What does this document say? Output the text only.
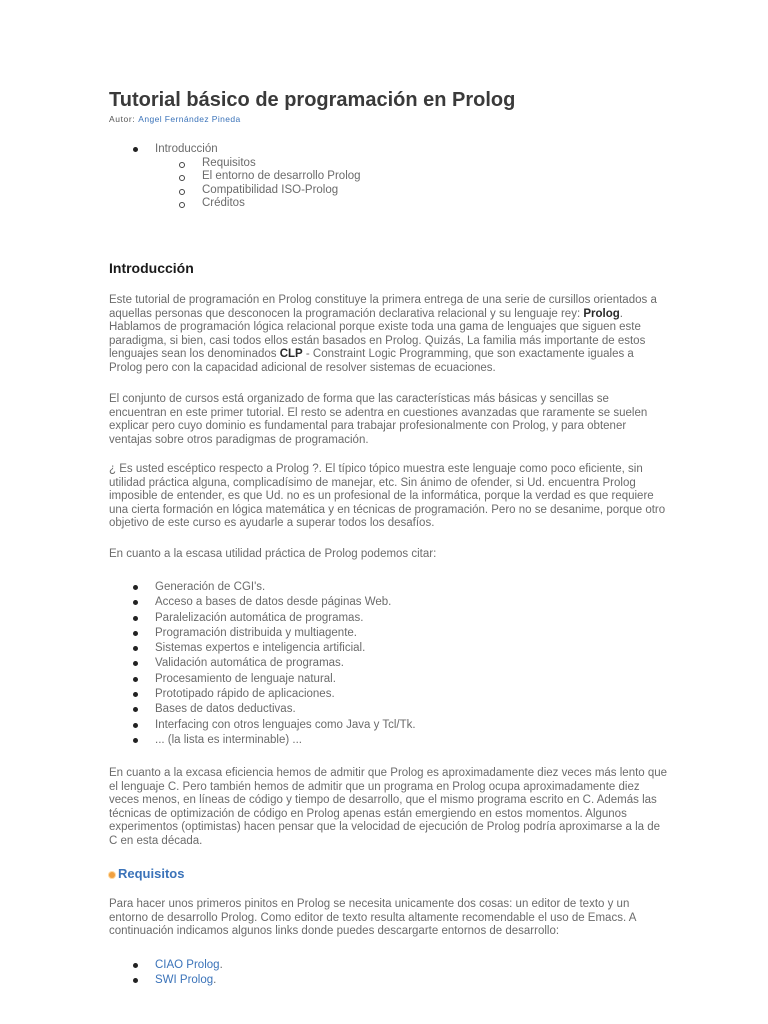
Tutorial básico de programación en Prolog
Autor: Angel Fernández Pineda
Introducción
Requisitos
El entorno de desarrollo Prolog
Compatibilidad ISO-Prolog
Créditos
Introducción

Este tutorial de programación en Prolog constituye la primera entrega de una serie de cursillos orientados a aquellas personas que desconocen la programación declarativa relacional y su lenguaje rey: Prolog. Hablamos de programación lógica relacional porque existe toda una gama de lenguajes que siguen este paradigma, si bien, casi todos ellos están basados en Prolog. Quizás, La familia más importante de estos lenguajes sean los denominados CLP - Constraint Logic Programming, que son exactamente iguales a Prolog pero con la capacidad adicional de resolver sistemas de ecuaciones.

El conjunto de cursos está organizado de forma que las características más básicas y sencillas se encuentran en este primer tutorial. El resto se adentra en cuestiones avanzadas que raramente se suelen explicar pero cuyo dominio es fundamental para trabajar profesionalmente con Prolog, y para obtener ventajas sobre otros paradigmas de programación.

¿ Es usted escéptico respecto a Prolog ?. El típico tópico muestra este lenguaje como poco eficiente, sin utilidad práctica alguna, complicadísimo de manejar, etc. Sin ánimo de ofender, si Ud. encuentra Prolog imposible de entender, es que Ud. no es un profesional de la informática, porque la verdad es que requiere una cierta formación en lógica matemática y en técnicas de programación. Pero no se desanime, porque otro objetivo de este curso es ayudarle a superar todos los desafíos.

En cuanto a la escasa utilidad práctica de Prolog podemos citar:

Generación de CGI's.
Acceso a bases de datos desde páginas Web.
Paralelización automática de programas.
Programación distribuida y multiagente.
Sistemas expertos e inteligencia artificial.
Validación automática de programas.
Procesamiento de lenguaje natural.
Prototipado rápido de aplicaciones.
Bases de datos deductivas.
Interfacing con otros lenguajes como Java y Tcl/Tk.
... (la lista es interminable) ...

En cuanto a la excasa eficiencia hemos de admitir que Prolog es aproximadamente diez veces más lento que el lenguaje C. Pero también hemos de admitir que un programa en Prolog ocupa aproximadamente diez veces menos, en líneas de código y tiempo de desarrollo, que el mismo programa escrito en C. Además las técnicas de optimización de código en Prolog apenas están emergiendo en estos momentos. Algunos experimentos (optimistas) hacen pensar que la velocidad de ejecución de Prolog podría aproximarse a la de C en esta década.

Requisitos

Para hacer unos primeros pinitos en Prolog se necesita unicamente dos cosas: un editor de texto y un entorno de desarrollo Prolog. Como editor de texto resulta altamente recomendable el uso de Emacs. A continuación indicamos algunos links donde puedes descargarte entornos de desarrollo:

CIAO Prolog.
SWI Prolog.
